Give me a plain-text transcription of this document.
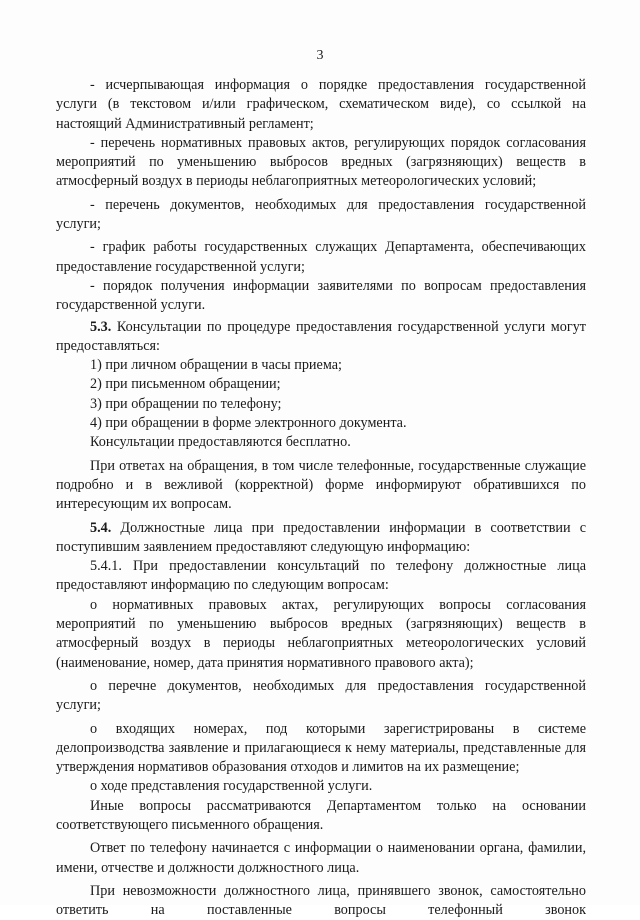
3

- исчерпывающая информация о порядке предоставления государственной услуги (в текстовом и/или графическом, схематическом виде), со ссылкой на настоящий Административный регламент;

- перечень нормативных правовых актов, регулирующих порядок согласования мероприятий по уменьшению выбросов вредных (загрязняющих) веществ в атмосферный воздух в периоды неблагоприятных метеорологических условий;

- перечень документов, необходимых для предоставления государственной услуги;

- график работы государственных служащих Департамента, обеспечивающих предоставление государственной услуги;

- порядок получения информации заявителями по вопросам предоставления государственной услуги.

5.3. Консультации по процедуре предоставления государственной услуги могут предоставляться:

1) при личном обращении в часы приема;

2) при письменном обращении;

3) при обращении по телефону;

4) при обращении в форме электронного документа.

Консультации предоставляются бесплатно.

При ответах на обращения, в том числе телефонные, государственные служащие подробно и в вежливой (корректной) форме информируют обратившихся по интересующим их вопросам.

5.4. Должностные лица при предоставлении информации в соответствии с поступившим заявлением предоставляют следующую информацию:

5.4.1. При предоставлении консультаций по телефону должностные лица предоставляют информацию по следующим вопросам:

о нормативных правовых актах, регулирующих вопросы согласования мероприятий по уменьшению выбросов вредных (загрязняющих) веществ в атмосферный воздух в периоды неблагоприятных метеорологических условий (наименование, номер, дата принятия нормативного правового акта);

о перечне документов, необходимых для предоставления государственной услуги;

о входящих номерах, под которыми зарегистрированы в системе делопроизводства заявление и прилагающиеся к нему материалы, представленные для утверждения нормативов образования отходов и лимитов на их размещение;

о ходе представления государственной услуги.

Иные вопросы рассматриваются Департаментом только на основании соответствующего письменного обращения.

Ответ по телефону начинается с информации о наименовании органа, фамилии, имени, отчестве и должности должностного лица.

При невозможности должностного лица, принявшего звонок, самостоятельно ответить на поставленные вопросы телефонный звонок
